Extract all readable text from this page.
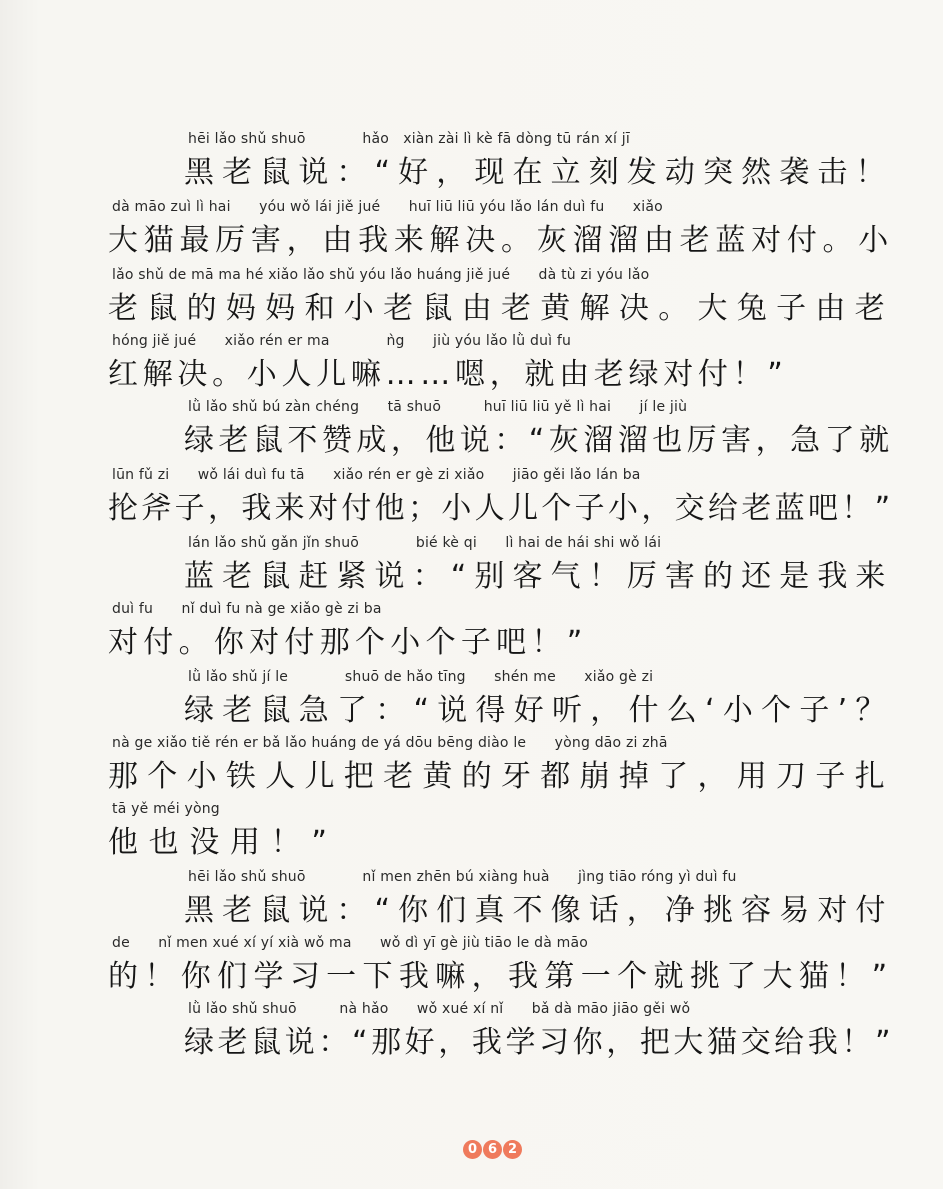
hēi lǎo shǔ shuō　　　　hǎo　xiàn zài lì kè fā dòng tū rán xí jī
黑老鼠说：“好，现在立刻发动突然袭击！
dà māo zuì lì hai　　yóu wǒ lái jiě jué　　huī liū liū yóu lǎo lán duì fu　　xiǎo
大猫最厉害，由我来解决。灰溜溜由老蓝对付。小
lǎo shǔ de mā ma hé xiǎo lǎo shǔ yóu lǎo huáng jiě jué　　dà tù zi yóu lǎo
老鼠的妈妈和小老鼠由老黄解决。大兔子由老
hóng jiě jué　　xiǎo rén er ma　　　　ǹg　　jiù yóu lǎo lǜ duì fu
红解决。小人儿嘛……嗯，就由老绿对付！”
lǜ lǎo shǔ bú zàn chéng　　tā shuō　　　huī liū liū yě lì hai　　jí le jiù
绿老鼠不赞成，他说：“灰溜溜也厉害，急了就
lūn fǔ zi　　wǒ lái duì fu tā　　xiǎo rén er gè zi xiǎo　　jiāo gěi lǎo lán ba
抡斧子，我来对付他；小人儿个子小，交给老蓝吧！”
lán lǎo shǔ gǎn jǐn shuō　　　　bié kè qi　　lì hai de hái shi wǒ lái
蓝老鼠赶紧说：“别客气！厉害的还是我来
duì fu　　nǐ duì fu nà ge xiǎo gè zi ba
对付。你对付那个小个子吧！”
lǜ lǎo shǔ jí le　　　　shuō de hǎo tīng　　shén me　　xiǎo gè zi
绿老鼠急了：“说得好听，什么‘小个子’？
nà ge xiǎo tiě rén er bǎ lǎo huáng de yá dōu bēng diào le　　yòng dāo zi zhā
那个小铁人儿把老黄的牙都崩掉了，用刀子扎
tā yě méi yòng
他也没用！”
hēi lǎo shǔ shuō　　　　nǐ men zhēn bú xiàng huà　　jìng tiāo róng yì duì fu
黑老鼠说：“你们真不像话，净挑容易对付
de　　nǐ men xué xí yí xià wǒ ma　　wǒ dì yī gè jiù tiāo le dà māo
的！你们学习一下我嘛，我第一个就挑了大猫！”
lǜ lǎo shǔ shuō　　　nà hǎo　　wǒ xué xí nǐ　　bǎ dà māo jiāo gěi wǒ
绿老鼠说：“那好，我学习你，把大猫交给我！”
0 6 2
